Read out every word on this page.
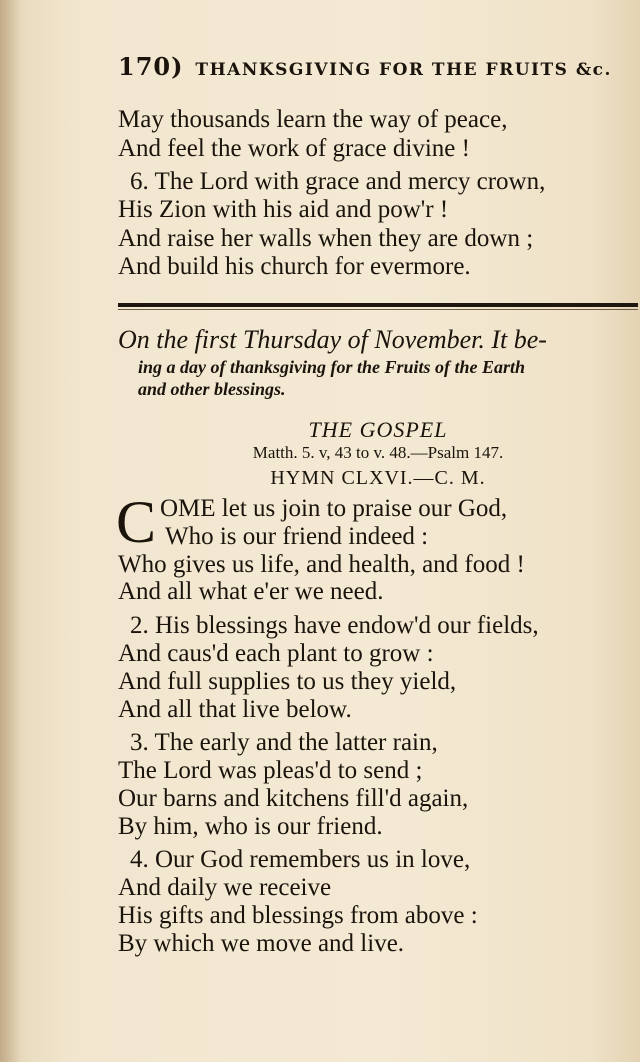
170) THANKSGIVING FOR THE FRUITS &c.
May thousands learn the way of peace,
And feel the work of grace divine !
6. The Lord with grace and mercy crown,
His Zion with his aid and pow'r !
And raise her walls when they are down ;
And build his church for evermore.
On the first Thursday of November. It be-
ing a day of thanksgiving for the Fruits of the Earth
and other blessings.
THE GOSPEL
Matth. 5. v, 43 to v. 48.—Psalm 147.
HYMN CLXVI.—C. M.
C OME let us join to praise our God,
Who is our friend indeed :
Who gives us life, and health, and food !
And all what e'er we need.
2. His blessings have endow'd our fields,
And caus'd each plant to grow :
And full supplies to us they yield,
And all that live below.
3. The early and the latter rain,
The Lord was pleas'd to send ;
Our barns and kitchens fill'd again,
By him, who is our friend.
4. Our God remembers us in love,
And daily we receive
His gifts and blessings from above :
By which we move and live.
